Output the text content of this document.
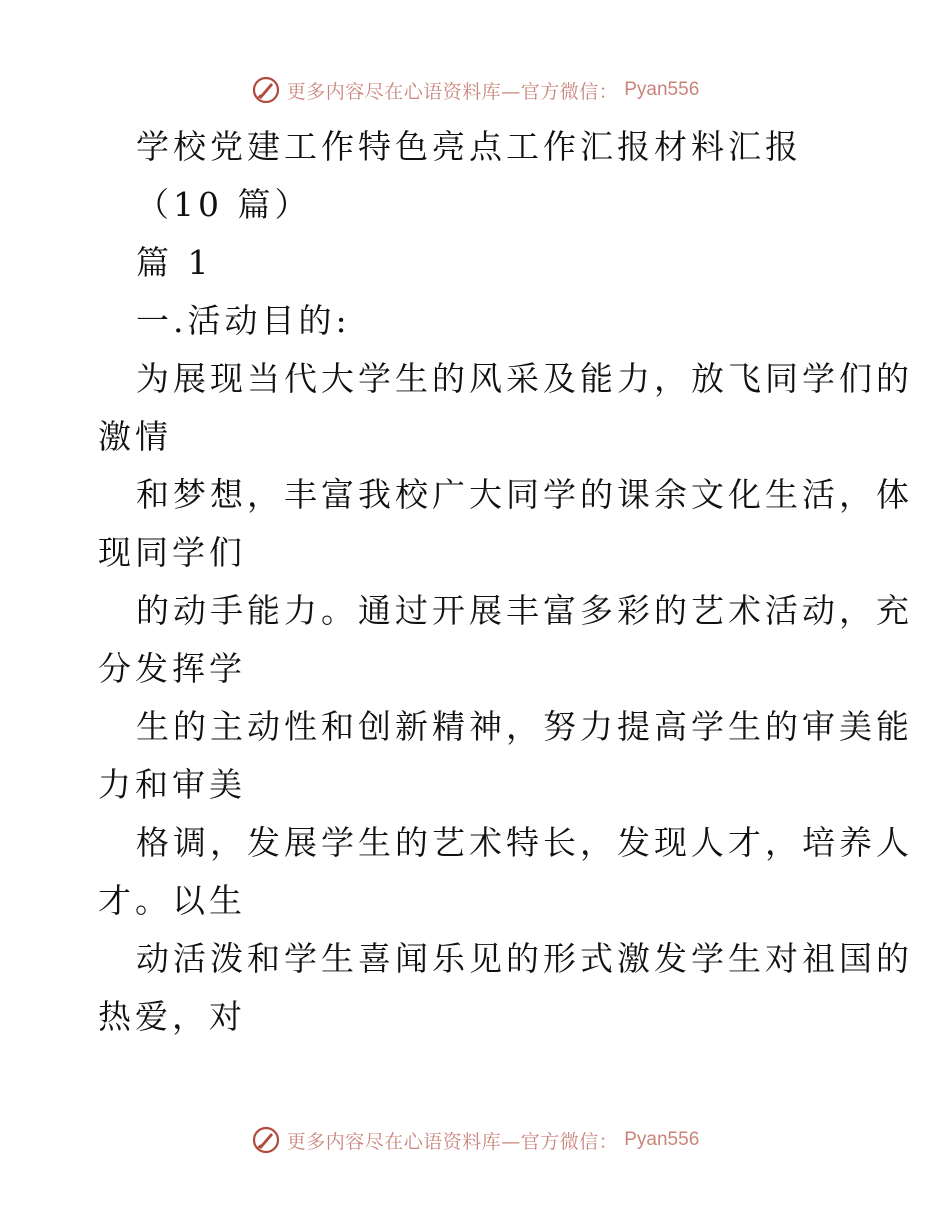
更多内容尽在心语资料库—官方微信： Pyan556
学校党建工作特色亮点工作汇报材料汇报
（10 篇）
篇 1
一.活动目的:
为展现当代大学生的风采及能力，放飞同学们的
激情
和梦想，丰富我校广大同学的课余文化生活，体
现同学们
的动手能力。通过开展丰富多彩的艺术活动，充
分发挥学
生的主动性和创新精神，努力提高学生的审美能
力和审美
格调，发展学生的艺术特长，发现人才，培养人
才。以生
动活泼和学生喜闻乐见的形式激发学生对祖国的
热爱，对
更多内容尽在心语资料库—官方微信： Pyan556
